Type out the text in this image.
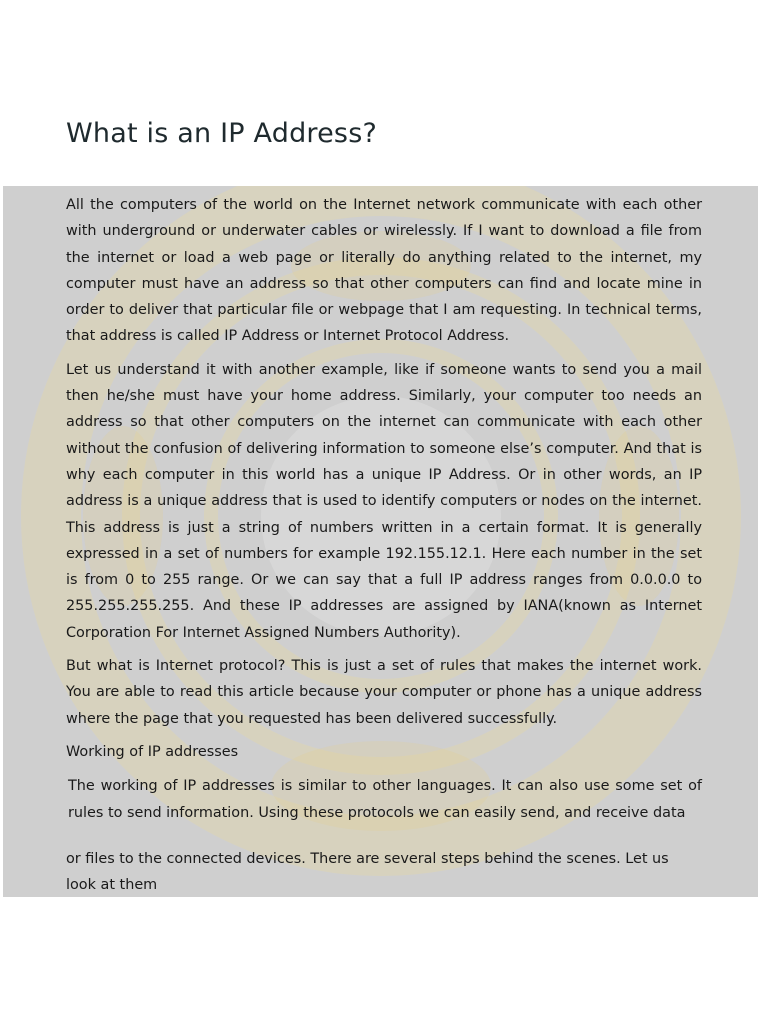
What is an IP Address?

All the computers of the world on the Internet network communicate with each other with underground or underwater cables or wirelessly. If I want to download a file from the internet or load a web page or literally do anything related to the internet, my computer must have an address so that other computers can find and locate mine in order to deliver that particular file or webpage that I am requesting. In technical terms, that address is called IP Address or Internet Protocol Address.

Let us understand it with another example, like if someone wants to send you a mail then he/she must have your home address. Similarly, your computer too needs an address so that other computers on the internet can communicate with each other without the confusion of delivering information to someone else’s computer. And that is why each computer in this world has a unique IP Address. Or in other words, an IP address is a unique address that is used to identify computers or nodes on the internet. This address is just a string of numbers written in a certain format. It is generally expressed in a set of numbers for example 192.155.12.1. Here each number in the set is from 0 to 255 range. Or we can say that a full IP address ranges from 0.0.0.0 to 255.255.255.255. And these IP addresses are assigned by IANA(known as Internet Corporation For Internet Assigned Numbers Authority).

But what is Internet protocol? This is just a set of rules that makes the internet work. You are able to read this article because your computer or phone has a unique address where the page that you requested has been delivered successfully.

Working of IP addresses

The working of IP addresses is similar to other languages. It can also use some set of rules to send information. Using these protocols we can easily send, and receive data

or files to the connected devices. There are several steps behind the scenes. Let us look at them
